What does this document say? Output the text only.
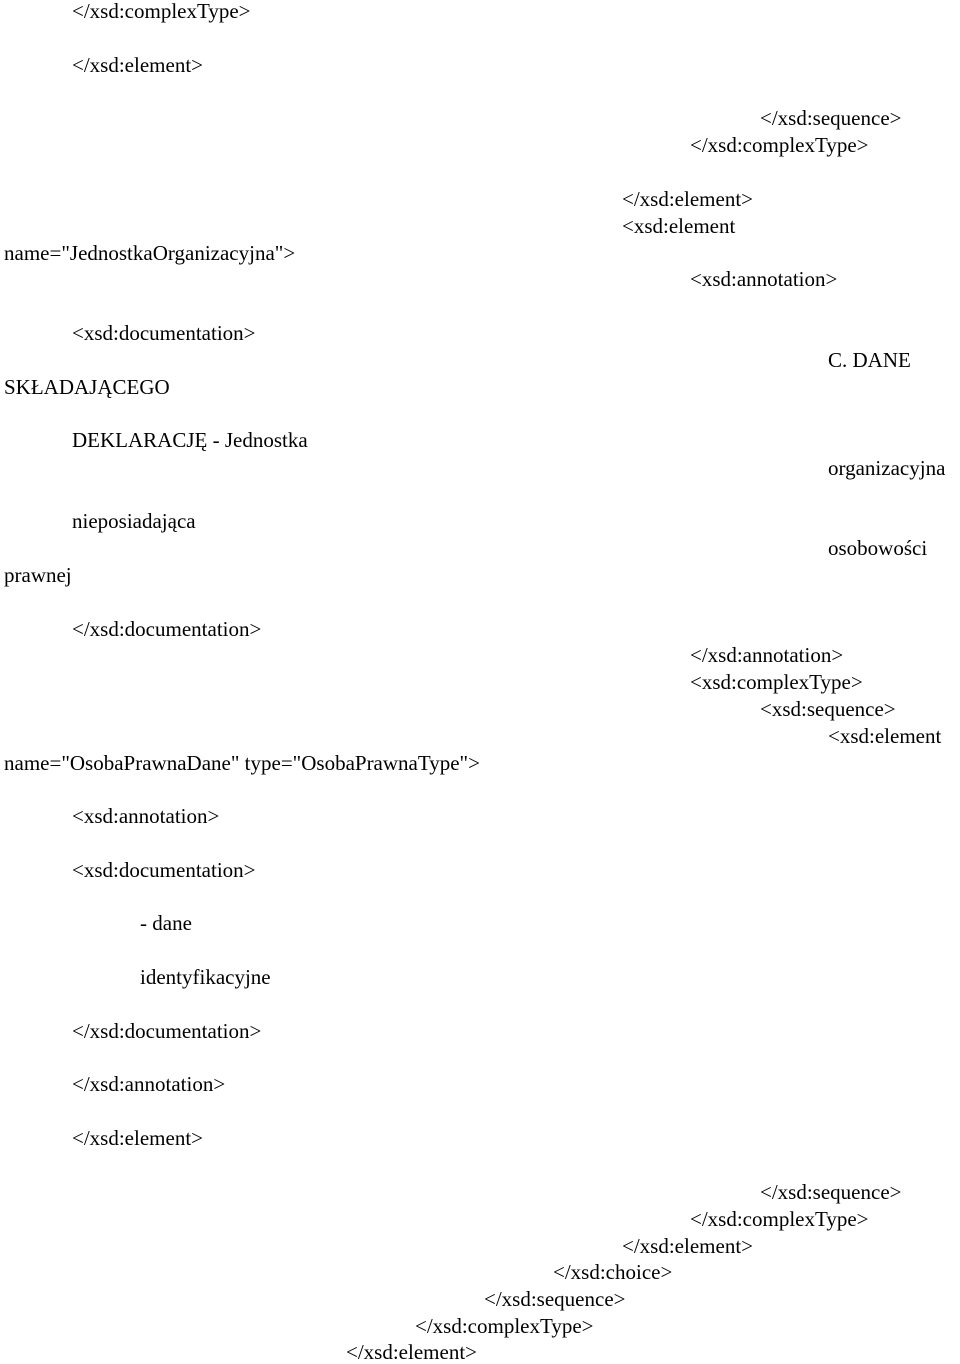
</xsd:complexType>
</xsd:element>
</xsd:sequence>
</xsd:complexType>
</xsd:element>
<xsd:element
name="JednostkaOrganizacyjna">
<xsd:annotation>
<xsd:documentation>
C. DANE
SKŁADAJĄCEGO
DEKLARACJĘ - Jednostka
organizacyjna
nieposiadająca
osobowości
prawnej
</xsd:documentation>
</xsd:annotation>
<xsd:complexType>
<xsd:sequence>
<xsd:element
name="OsobaPrawnaDane" type="OsobaPrawnaType">
<xsd:annotation>
<xsd:documentation>
- dane
identyfikacyjne
</xsd:documentation>
</xsd:annotation>
</xsd:element>
</xsd:sequence>
</xsd:complexType>
</xsd:element>
</xsd:choice>
</xsd:sequence>
</xsd:complexType>
</xsd:element>
